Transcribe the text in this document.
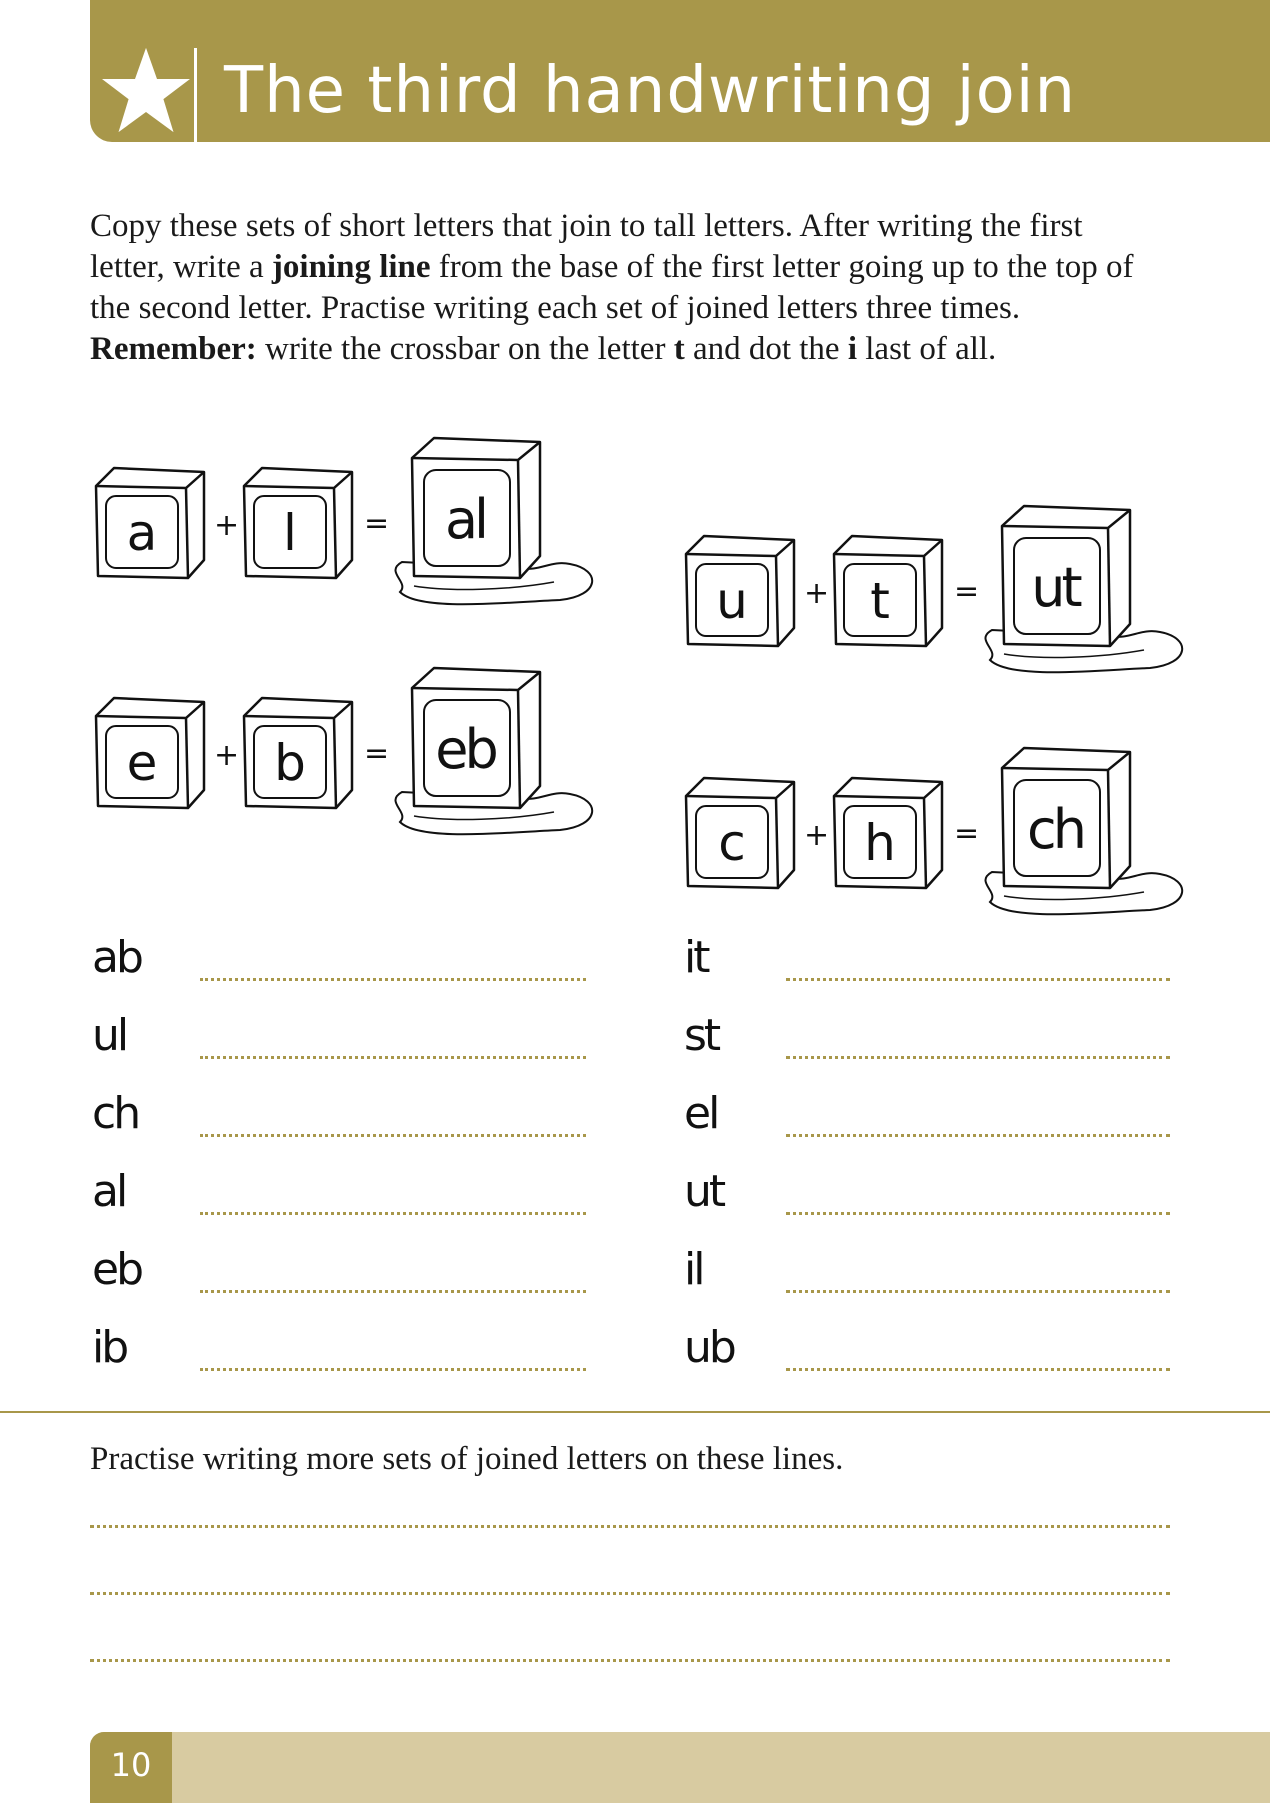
The third handwriting join

Copy these sets of short letters that join to tall letters. After writing the first letter, write a joining line from the base of the first letter going up to the top of the second letter. Practise writing each set of joined letters three times.

Remember: write the crossbar on the letter t and dot the i last of all.

a	+ l	=	al
u	+ t	= ut
e	+ b	= eb
c	+ h	= ch
ab
ul
ch
al
eb
ib
it
st
el
ut
il
ub

Practise writing more sets of joined letters on these lines.

10
